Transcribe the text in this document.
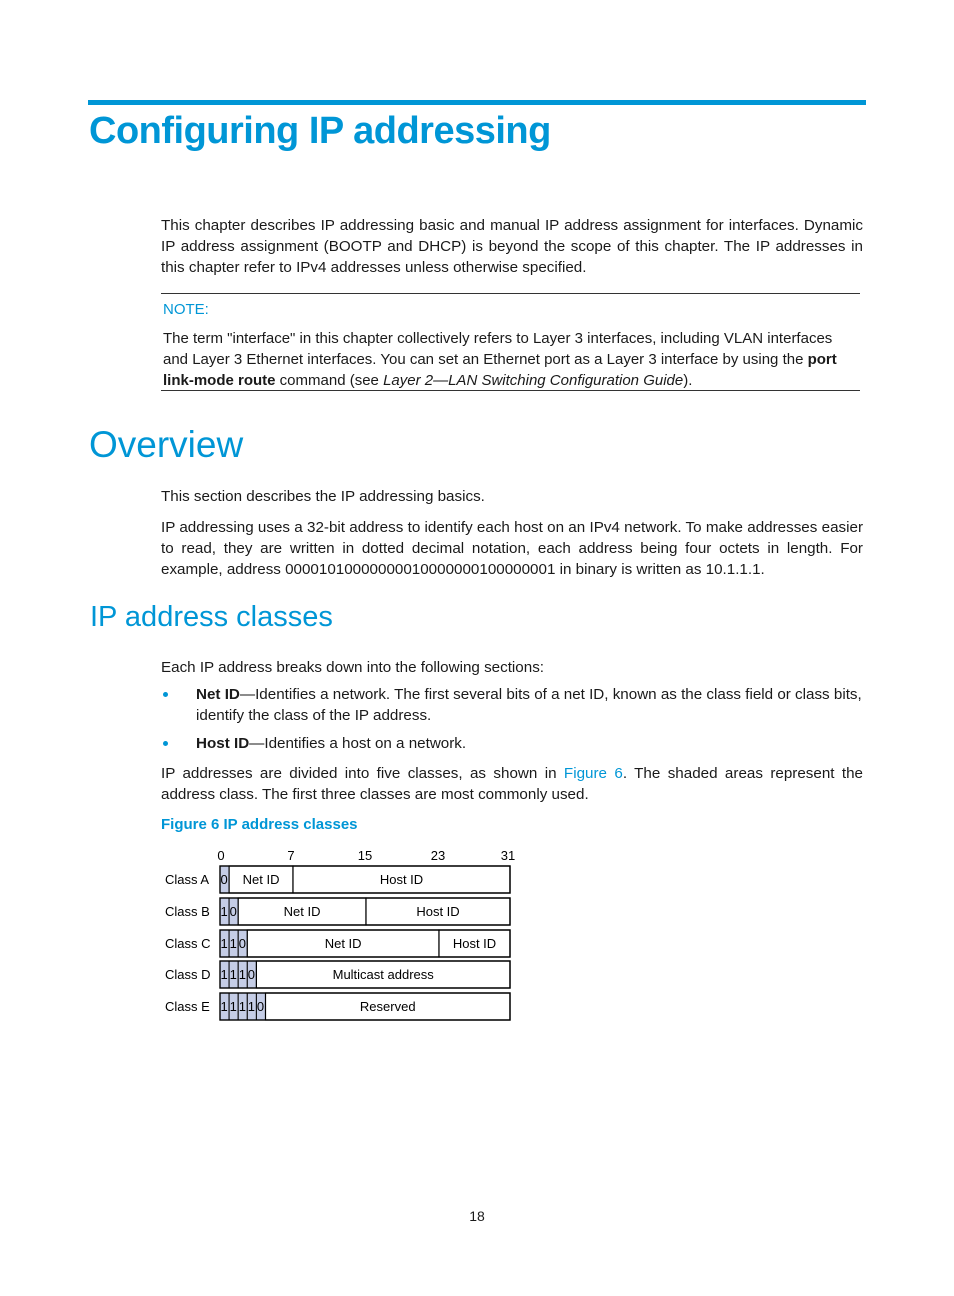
Configuring IP addressing
This chapter describes IP addressing basic and manual IP address assignment for interfaces. Dynamic IP address assignment (BOOTP and DHCP) is beyond the scope of this chapter. The IP addresses in this chapter refer to IPv4 addresses unless otherwise specified.
NOTE:
The term "interface" in this chapter collectively refers to Layer 3 interfaces, including VLAN interfaces and Layer 3 Ethernet interfaces. You can set an Ethernet port as a Layer 3 interface by using the port link-mode route command (see Layer 2—LAN Switching Configuration Guide).
Overview
This section describes the IP addressing basics.
IP addressing uses a 32-bit address to identify each host on an IPv4 network. To make addresses easier to read, they are written in dotted decimal notation, each address being four octets in length. For example, address 00001010000000010000000100000001 in binary is written as 10.1.1.1.
IP address classes
Each IP address breaks down into the following sections:
Net ID—Identifies a network. The first several bits of a net ID, known as the class field or class bits, identify the class of the IP address.
Host ID—Identifies a host on a network.
IP addresses are divided into five classes, as shown in Figure 6. The shaded areas represent the address class. The first three classes are most commonly used.
Figure 6 IP address classes
0	7	15	23	31
Class A 0 Net ID	Host ID
Class B 1 0	Net ID	Host ID
Class C 1 1 0	Net ID	Host ID
Class D 1 1 1 0	Multicast address
Class E 1 1 1 1 0	Reserved
18
